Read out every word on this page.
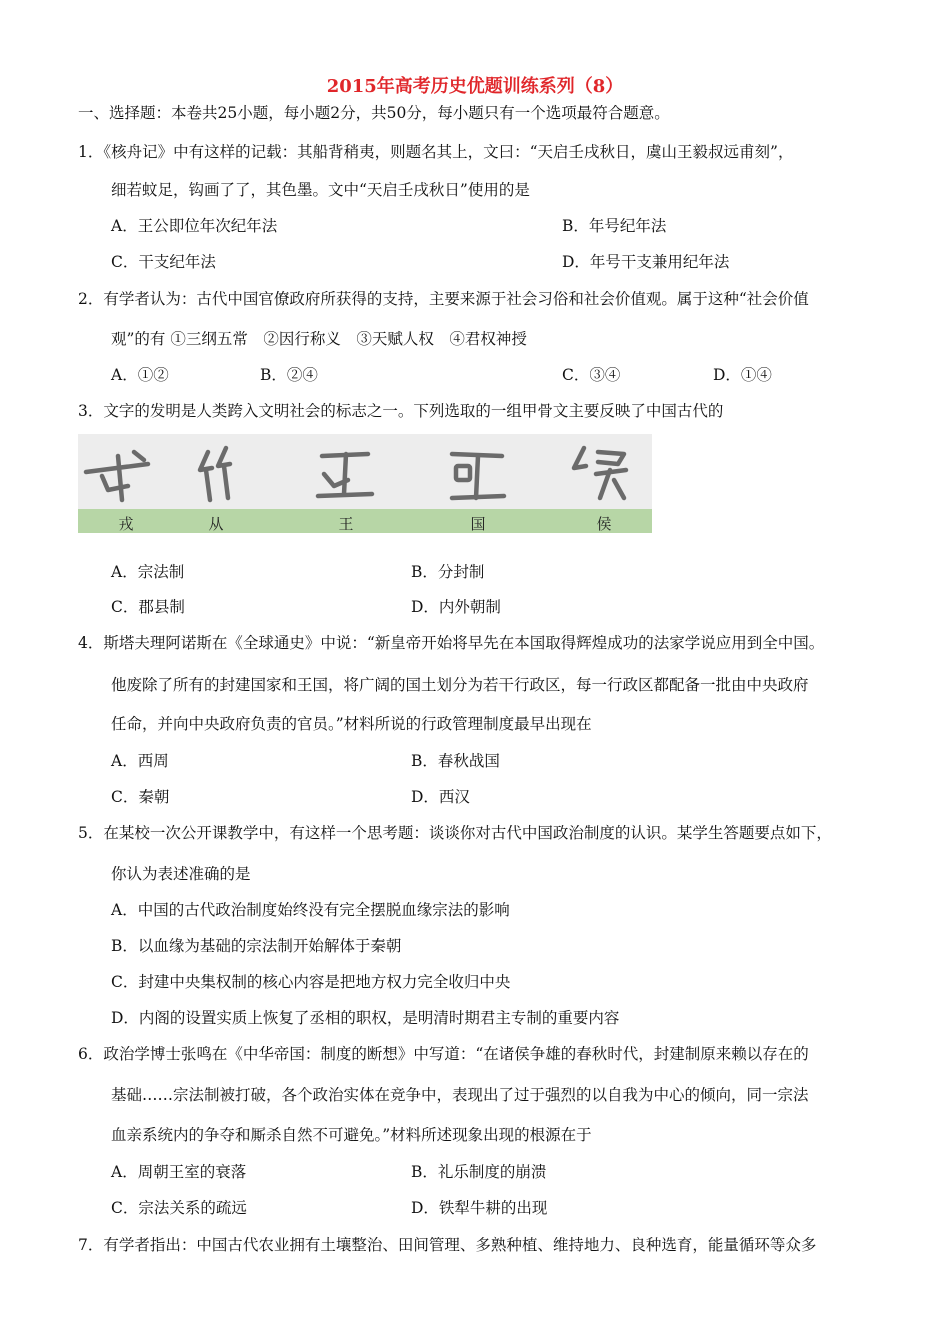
2015年高考历史优题训练系列（8）
一、选择题：本卷共25小题，每小题2分，共50分，每小题只有一个选项最符合题意。
1．《核舟记》中有这样的记载：其船背稍夷，则题名其上，文曰：“天启壬戌秋日，虞山王毅叔远甫刻”，
细若蚊足，钩画了了，其色墨。文中“天启壬戌秋日”使用的是
A．王公即位年次纪年法	B．年号纪年法
C．干支纪年法	D．年号干支兼用纪年法
2．有学者认为：古代中国官僚政府所获得的支持，主要来源于社会习俗和社会价值观。属于这种“社会价值
观”的有 ①三纲五常　②因行称义　③天赋人权　④君权神授
A．①②	B．②④	C．③④	D．①④
3．文字的发明是人类跨入文明社会的标志之一。下列选取的一组甲骨文主要反映了中国古代的
戎	从	王	国	侯
A．宗法制	B．分封制
C．郡县制	D．内外朝制
4．斯塔夫理阿诺斯在《全球通史》中说：“新皇帝开始将早先在本国取得辉煌成功的法家学说应用到全中国。
他废除了所有的封建国家和王国，将广阔的国土划分为若干行政区，每一行政区都配备一批由中央政府
任命，并向中央政府负责的官员。”材料所说的行政管理制度最早出现在
A．西周	B．春秋战国
C．秦朝	D．西汉
5．在某校一次公开课教学中，有这样一个思考题：谈谈你对古代中国政治制度的认识。某学生答题要点如下，
你认为表述准确的是
A．中国的古代政治制度始终没有完全摆脱血缘宗法的影响
B．以血缘为基础的宗法制开始解体于秦朝
C．封建中央集权制的核心内容是把地方权力完全收归中央
D．内阁的设置实质上恢复了丞相的职权，是明清时期君主专制的重要内容
6．政治学博士张鸣在《中华帝国：制度的断想》中写道：“在诸侯争雄的春秋时代，封建制原来赖以存在的
基础……宗法制被打破，各个政治实体在竞争中，表现出了过于强烈的以自我为中心的倾向，同一宗法
血亲系统内的争夺和厮杀自然不可避免。”材料所述现象出现的根源在于
A．周朝王室的衰落	B．礼乐制度的崩溃
C．宗法关系的疏远	D．铁犁牛耕的出现
7．有学者指出：中国古代农业拥有土壤整治、田间管理、多熟种植、维持地力、良种选育，能量循环等众多
